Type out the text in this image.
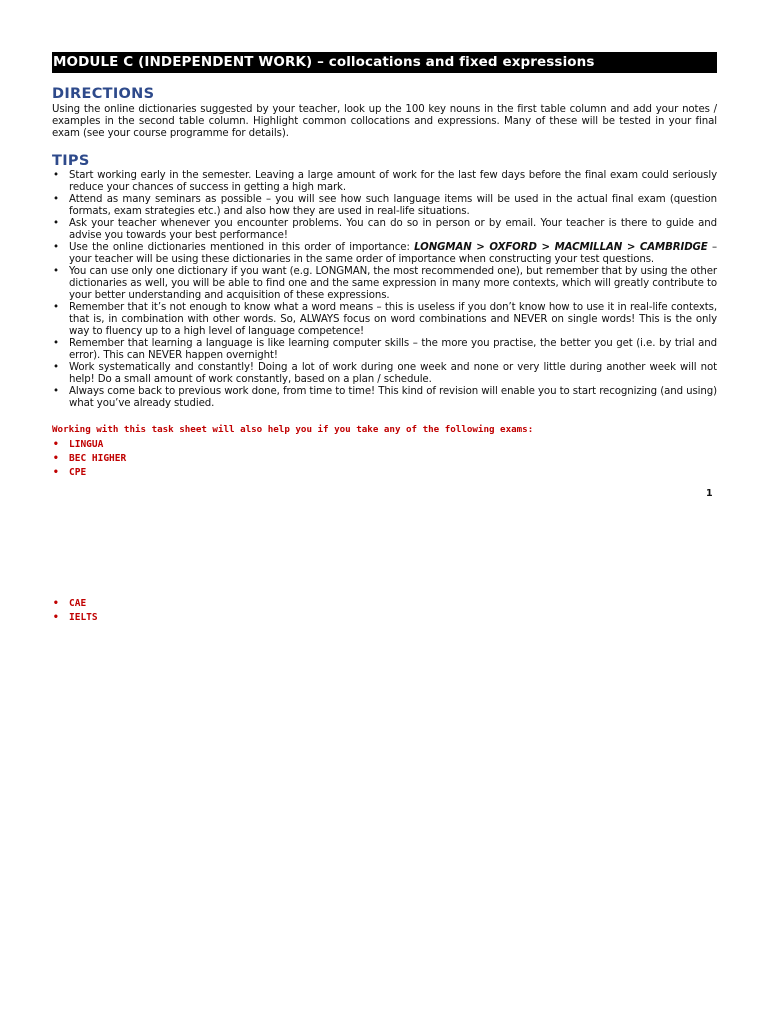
MODULE C (INDEPENDENT WORK) – collocations and fixed expressions
DIRECTIONS

Using the online dictionaries suggested by your teacher, look up the 100 key nouns in the first table column and add your notes / examples in the second table column. Highlight common collocations and expressions. Many of these will be tested in your final exam (see your course programme for details).

TIPS
• Start working early in the semester. Leaving a large amount of work for the last few days before the final exam could seriously reduce your chances of success in getting a high mark.
• Attend as many seminars as possible – you will see how such language items will be used in the actual final exam (question formats, exam strategies etc.) and also how they are used in real-life situations.
• Ask your teacher whenever you encounter problems. You can do so in person or by email. Your teacher is there to guide and advise you towards your best performance!
• Use the online dictionaries mentioned in this order of importance: LONGMAN > OXFORD > MACMILLAN > CAMBRIDGE – your teacher will be using these dictionaries in the same order of importance when constructing your test questions.
• You can use only one dictionary if you want (e.g. LONGMAN, the most recommended one), but remember that by using the other dictionaries as well, you will be able to find one and the same expression in many more contexts, which will greatly contribute to your better understanding and acquisition of these expressions.
• Remember that it’s not enough to know what a word means – this is useless if you don’t know how to use it in real-life contexts, that is, in combination with other words. So, ALWAYS focus on word combinations and NEVER on single words! This is the only way to fluency up to a high level of language competence!
• Remember that learning a language is like learning computer skills – the more you practise, the better you get (i.e. by trial and error). This can NEVER happen overnight!
• Work systematically and constantly! Doing a lot of work during one week and none or very little during another week will not help! Do a small amount of work constantly, based on a plan / schedule.
• Always come back to previous work done, from time to time! This kind of revision will enable you to start recognizing (and using) what you’ve already studied.
Working with this task sheet will also help you if you take any of the following exams:
• LINGUA
• BEC HIGHER
• CPE
1
• CAE
• IELTS
